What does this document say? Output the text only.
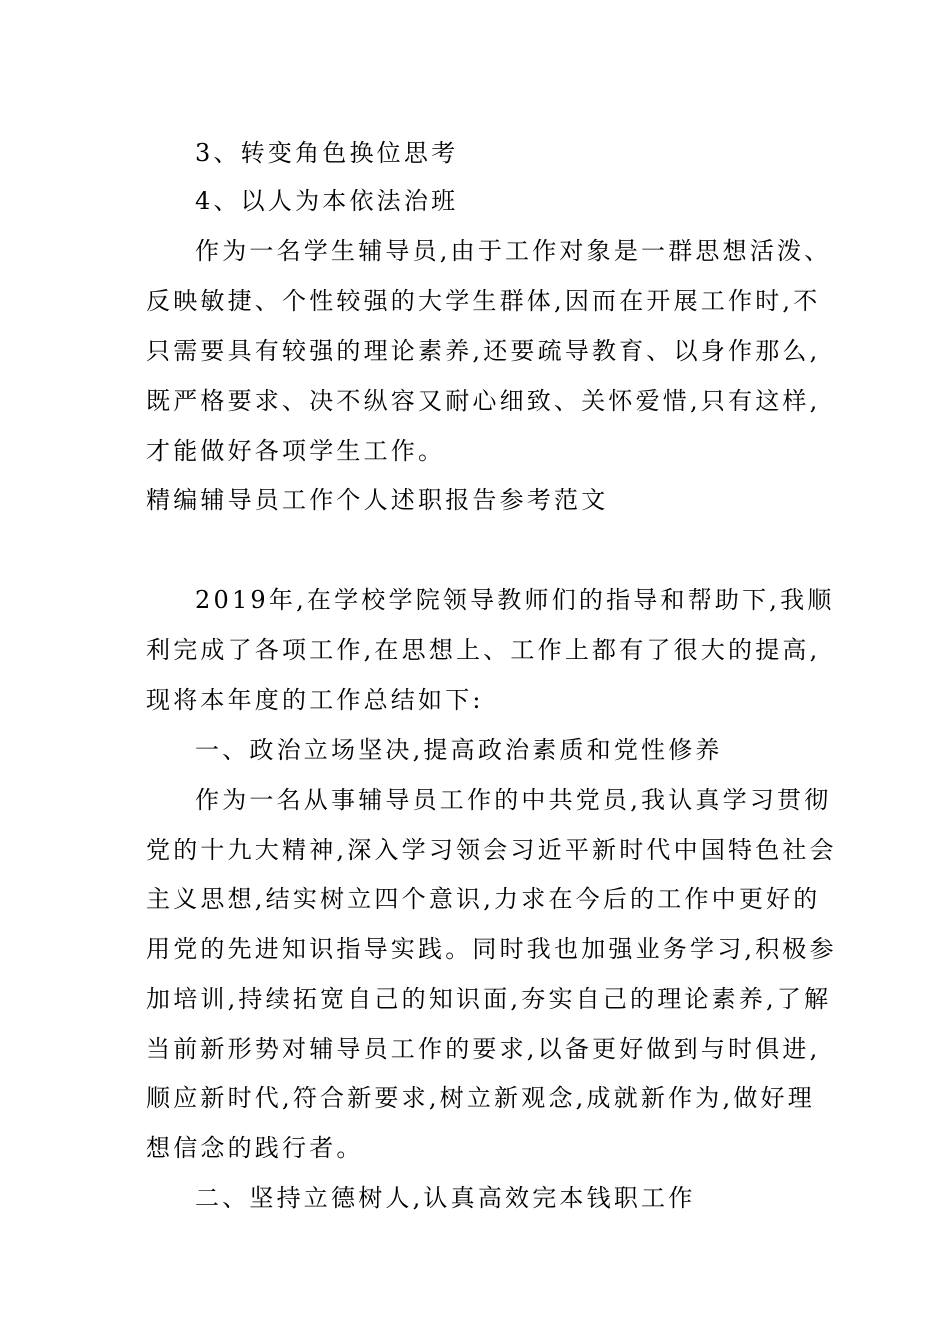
3、转变角色换位思考
4、以人为本依法治班
作为一名学生辅导员,由于工作对象是一群思想活泼、
反映敏捷、个性较强的大学生群体,因而在开展工作时,不
只需要具有较强的理论素养,还要疏导教育、以身作那么,
既严格要求、决不纵容又耐心细致、关怀爱惜,只有这样,
才能做好各项学生工作。
精编辅导员工作个人述职报告参考范文
2019年,在学校学院领导教师们的指导和帮助下,我顺
利完成了各项工作,在思想上、工作上都有了很大的提高,
现将本年度的工作总结如下:
一、政治立场坚决,提高政治素质和党性修养
作为一名从事辅导员工作的中共党员,我认真学习贯彻
党的十九大精神,深入学习领会习近平新时代中国特色社会
主义思想,结实树立四个意识,力求在今后的工作中更好的
用党的先进知识指导实践。同时我也加强业务学习,积极参
加培训,持续拓宽自己的知识面,夯实自己的理论素养,了解
当前新形势对辅导员工作的要求,以备更好做到与时俱进,
顺应新时代,符合新要求,树立新观念,成就新作为,做好理
想信念的践行者。
二、坚持立德树人,认真高效完本钱职工作
